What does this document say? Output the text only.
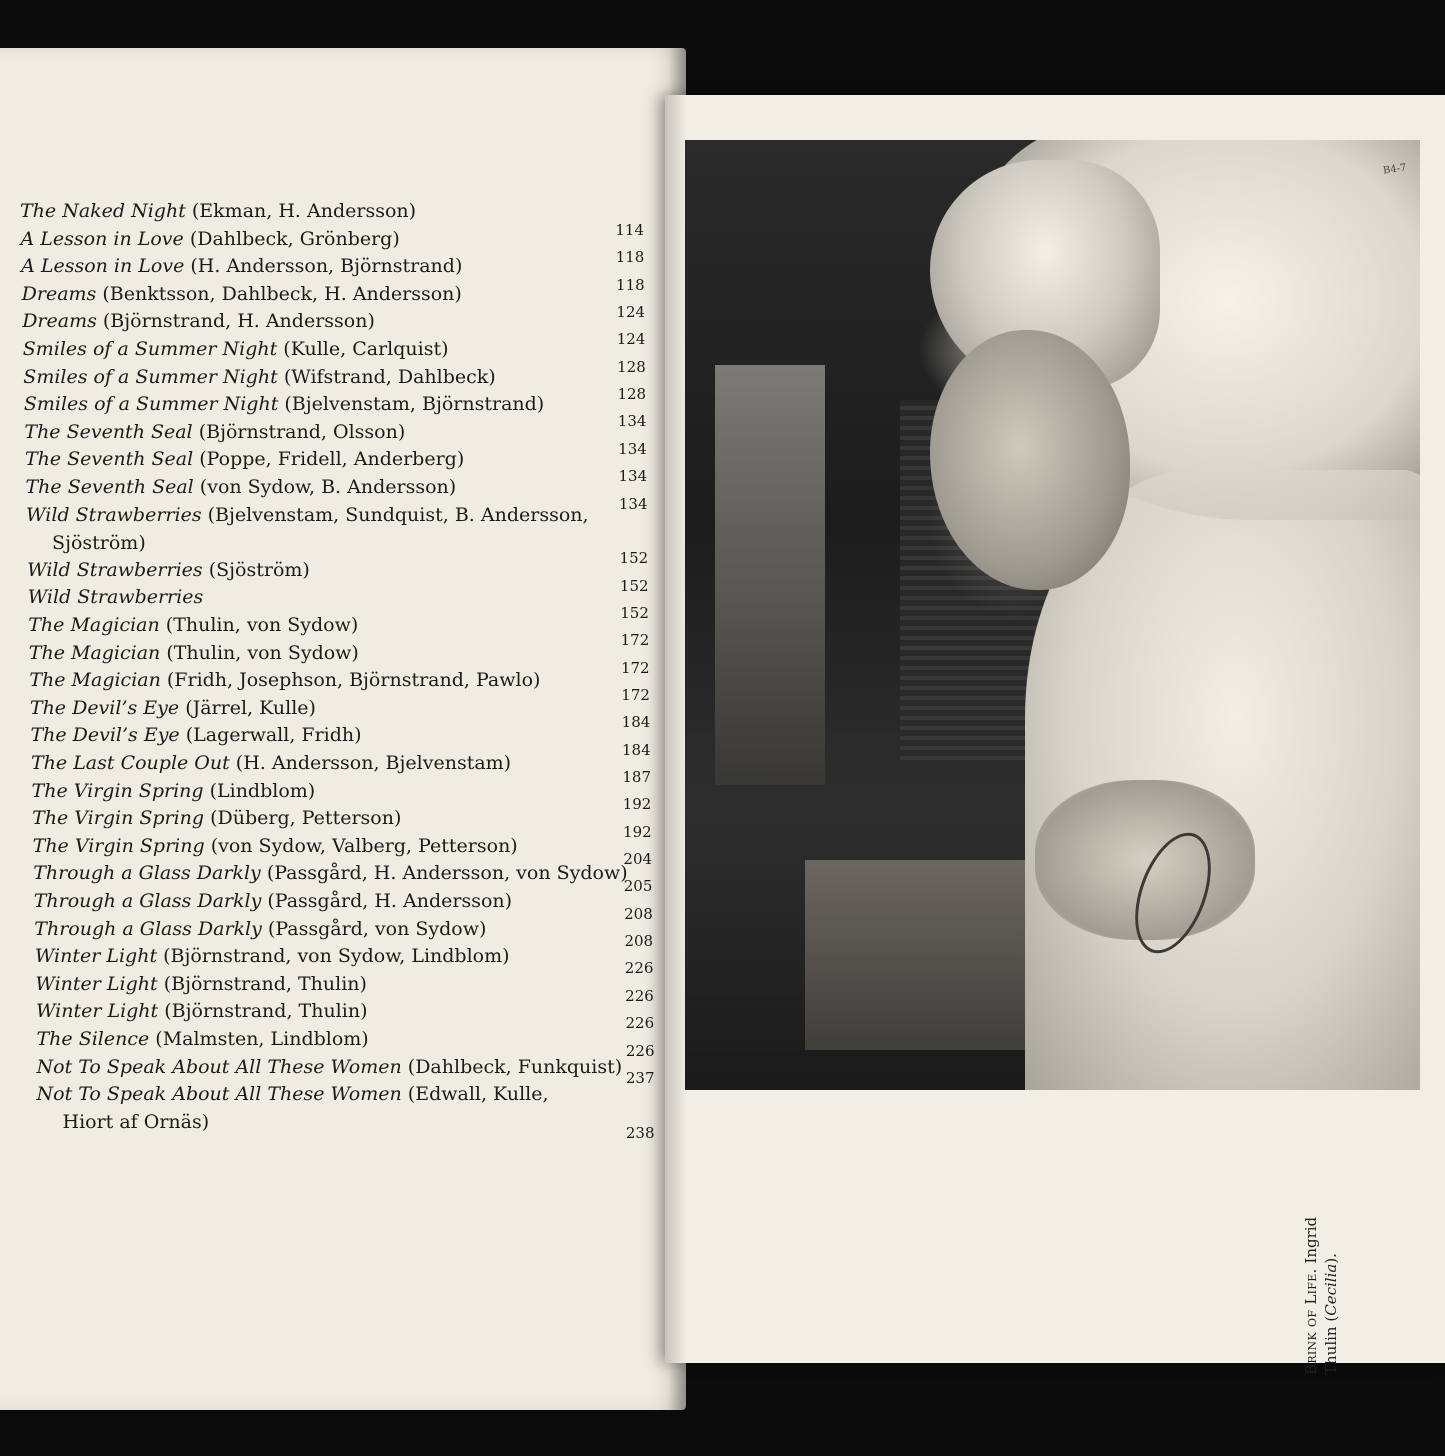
The Naked Night (Ekman, H. Andersson)
114
A Lesson in Love (Dahlbeck, Grönberg)
118
A Lesson in Love (H. Andersson, Björnstrand)
118
Dreams (Benktsson, Dahlbeck, H. Andersson)
124
Dreams (Björnstrand, H. Andersson)
124
Smiles of a Summer Night (Kulle, Carlquist)
128
Smiles of a Summer Night (Wifstrand, Dahlbeck)
128
Smiles of a Summer Night (Bjelvenstam, Björnstrand)
134
The Seventh Seal (Björnstrand, Olsson)
134
The Seventh Seal (Poppe, Fridell, Anderberg)
134
The Seventh Seal (von Sydow, B. Andersson)
134
Wild Strawberries (Bjelvenstam, Sundquist, B. Andersson,
Sjöström)
152
Wild Strawberries (Sjöström)
152
Wild Strawberries
152
The Magician (Thulin, von Sydow)
172
The Magician (Thulin, von Sydow)
172
The Magician (Fridh, Josephson, Björnstrand, Pawlo)
172
The Devil’s Eye (Järrel, Kulle)
184
The Devil’s Eye (Lagerwall, Fridh)
184
The Last Couple Out (H. Andersson, Bjelvenstam)
187
The Virgin Spring (Lindblom)
192
The Virgin Spring (Düberg, Petterson)
192
The Virgin Spring (von Sydow, Valberg, Petterson)
204
Through a Glass Darkly (Passgård, H. Andersson, von Sydow)
205
Through a Glass Darkly (Passgård, H. Andersson)
208
Through a Glass Darkly (Passgård, von Sydow)
208
Winter Light (Björnstrand, von Sydow, Lindblom)
226
Winter Light (Björnstrand, Thulin)
226
Winter Light (Björnstrand, Thulin)
226
The Silence (Malmsten, Lindblom)
226
Not To Speak About All These Women (Dahlbeck, Funkquist)
237
Not To Speak About All These Women (Edwall, Kulle,
Hiort af Ornäs)	238
B4-7
Brink of Life. Ingrid Thulin (Cecilia).
